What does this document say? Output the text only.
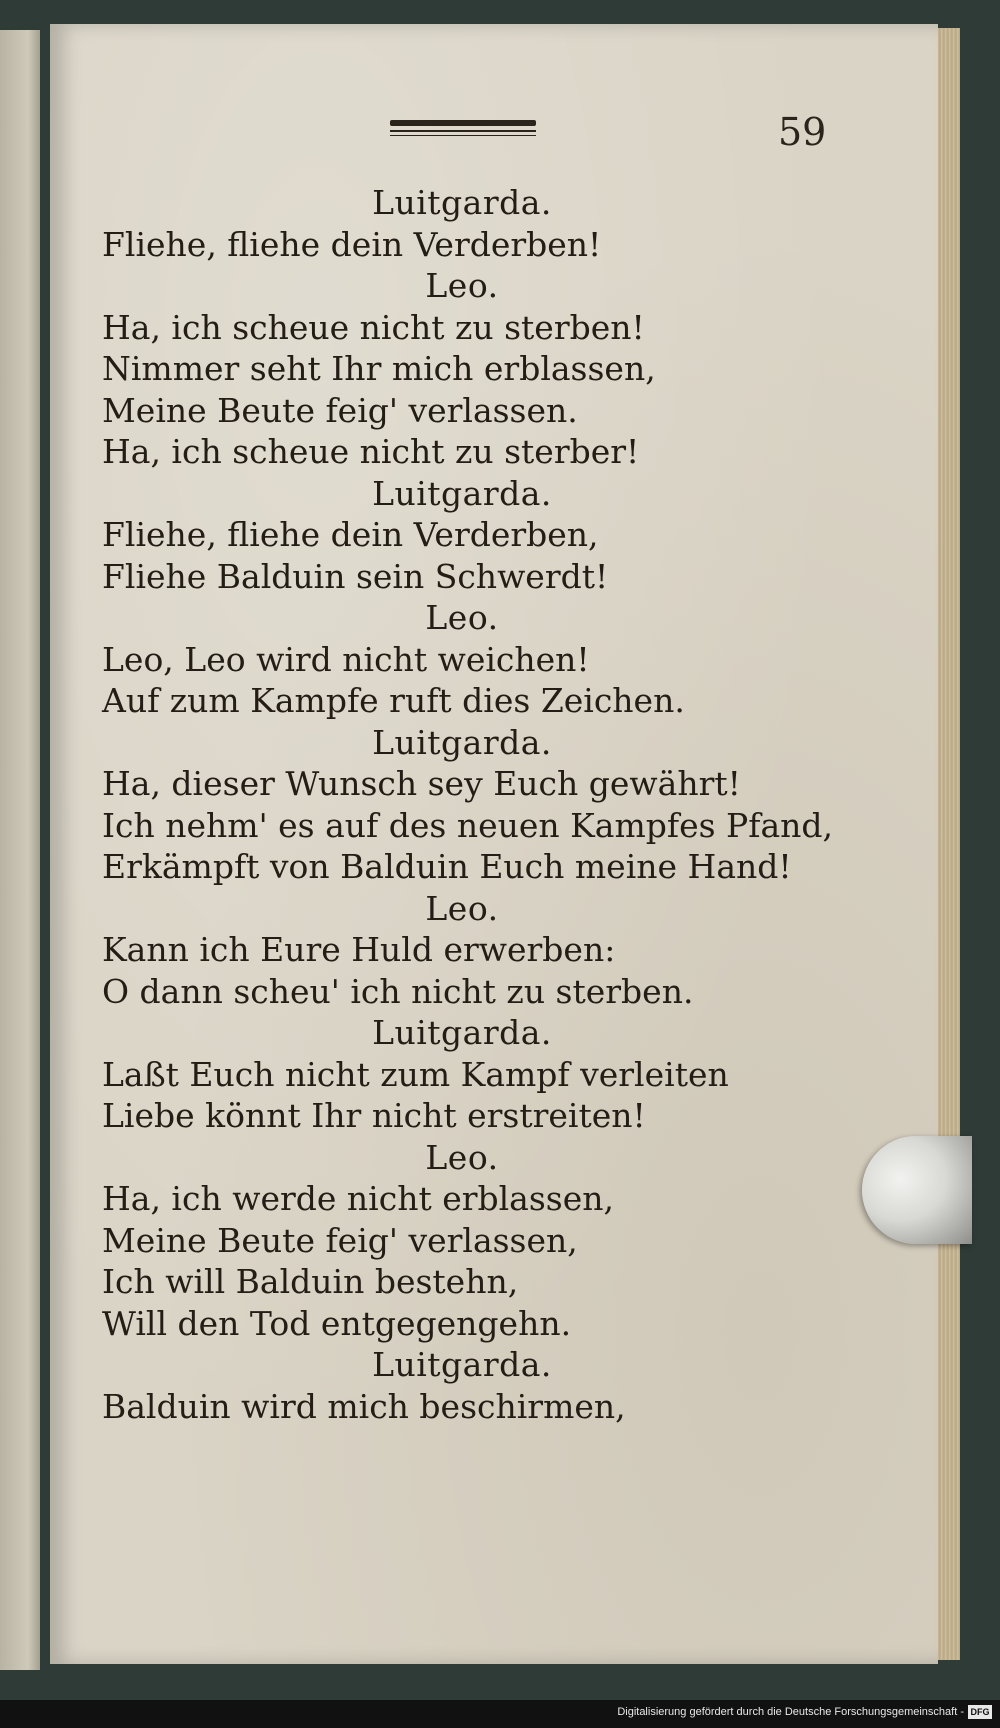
59
Luitgarda.
Fliehe, fliehe dein Verderben!
Leo.
Ha, ich scheue nicht zu sterben!
Nimmer seht Ihr mich erblassen,
Meine Beute feig' verlassen.
Ha, ich scheue nicht zu sterber!
Luitgarda.
Fliehe, fliehe dein Verderben,
Fliehe Balduin sein Schwerdt!
Leo.
Leo, Leo wird nicht weichen!
Auf zum Kampfe ruft dies Zeichen.
Luitgarda.
Ha, dieser Wunsch sey Euch gewährt!
Ich nehm' es auf des neuen Kampfes Pfand,
Erkämpft von Balduin Euch meine Hand!
Leo.
Kann ich Eure Huld erwerben:
O dann scheu' ich nicht zu sterben.
Luitgarda.
Laßt Euch nicht zum Kampf verleiten
Liebe könnt Ihr nicht erstreiten!
Leo.
Ha, ich werde nicht erblassen,
Meine Beute feig' verlassen,
Ich will Balduin bestehn,
Will den Tod entgegengehn.
Luitgarda.
Balduin wird mich beschirmen,
Digitalisierung gefördert durch die Deutsche Forschungsgemeinschaft - DFG
